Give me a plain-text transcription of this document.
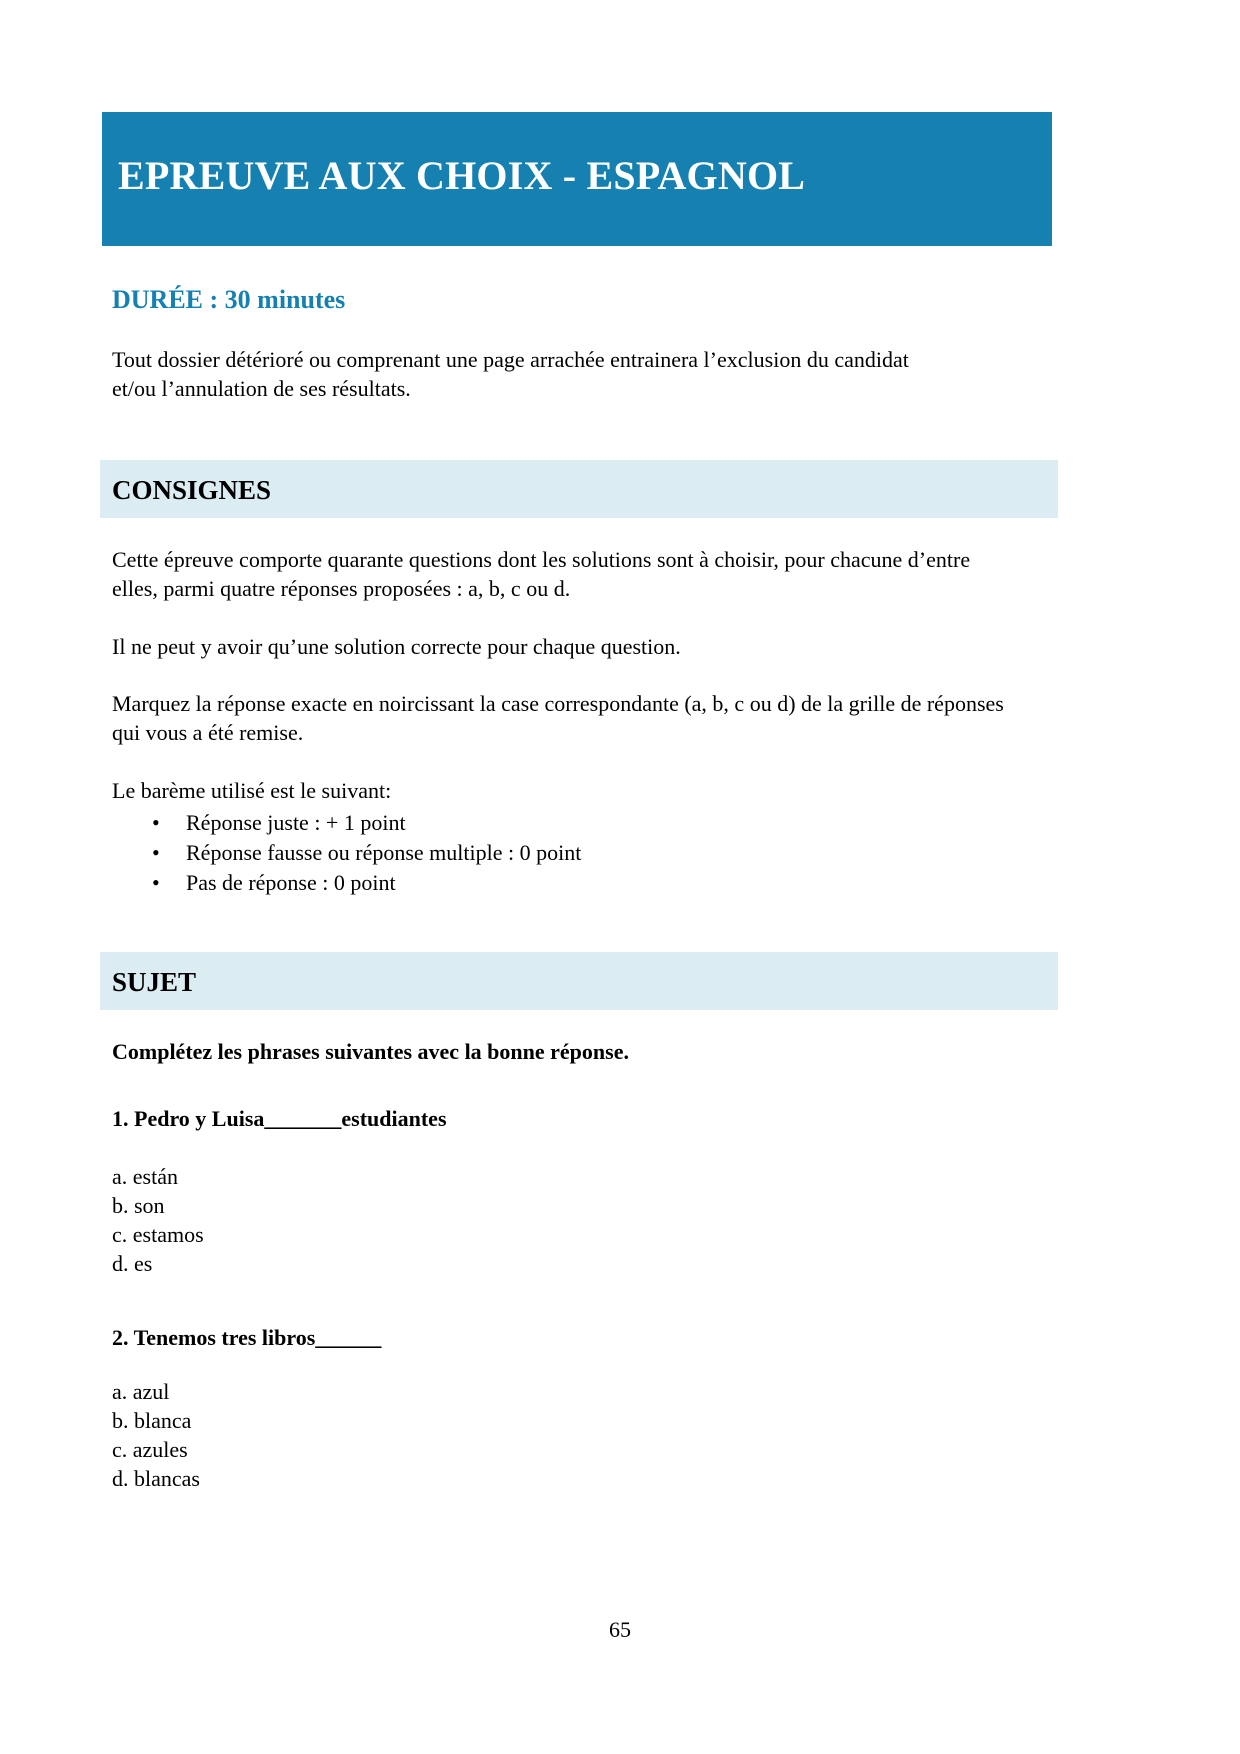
EPREUVE AUX CHOIX - ESPAGNOL
DURÉE : 30 minutes

Tout dossier détérioré ou comprenant une page arrachée entrainera l’exclusion du candidat

et/ou l’annulation de ses résultats.

CONSIGNES

Cette épreuve comporte quarante questions dont les solutions sont à choisir, pour chacune d’entre

elles, parmi quatre réponses proposées : a, b, c ou d.

Il ne peut y avoir qu’une solution correcte pour chaque question.

Marquez la réponse exacte en noircissant la case correspondante (a, b, c ou d) de la grille de réponses

qui vous a été remise.

Le barème utilisé est le suivant:

• Réponse juste : + 1 point
• Réponse fausse ou réponse multiple : 0 point
• Pas de réponse : 0 point
SUJET
Complétez les phrases suivantes avec la bonne réponse.
1. Pedro y Luisa_______estudiantes
a. están
b. son
c. estamos
d. es
2. Tenemos tres libros______
a. azul
b. blanca
c. azules
d. blancas
65
